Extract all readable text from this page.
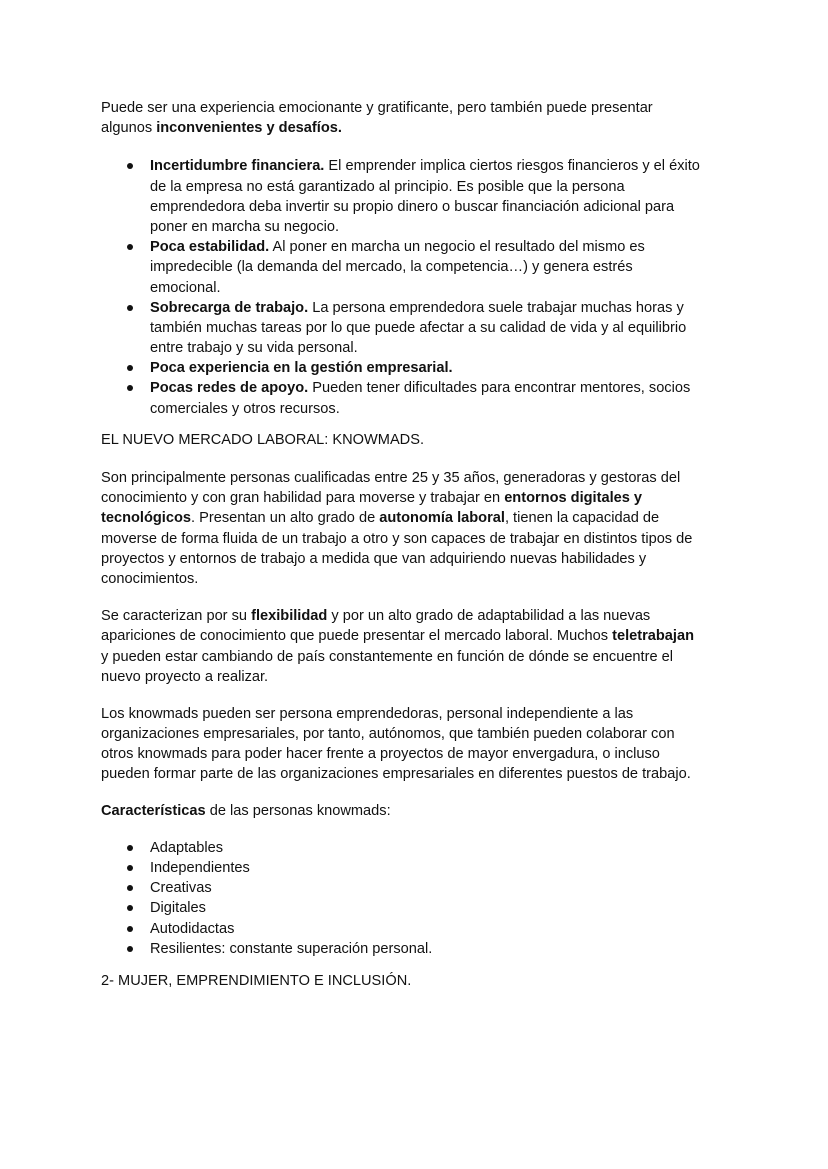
Puede ser una experiencia emocionante y gratificante, pero también puede presentar
algunos inconvenientes y desafíos.
Incertidumbre financiera. El emprender implica ciertos riesgos financieros y el éxito
de la empresa no está garantizado al principio. Es posible que la persona
emprendedora deba invertir su propio dinero o buscar financiación adicional para
poner en marcha su negocio.
Poca estabilidad. Al poner en marcha un negocio el resultado del mismo es
impredecible (la demanda del mercado, la competencia…) y genera estrés
emocional.
Sobrecarga de trabajo. La persona emprendedora suele trabajar muchas horas y
también muchas tareas por lo que puede afectar a su calidad de vida y al equilibrio
entre trabajo y su vida personal.
Poca experiencia en la gestión empresarial.
Pocas redes de apoyo. Pueden tener dificultades para encontrar mentores, socios
comerciales y otros recursos.
EL NUEVO MERCADO LABORAL: KNOWMADS.
Son principalmente personas cualificadas entre 25 y 35 años, generadoras y gestoras del
conocimiento y con gran habilidad para moverse y trabajar en entornos digitales y
tecnológicos. Presentan un alto grado de autonomía laboral, tienen la capacidad de
moverse de forma fluida de un trabajo a otro y son capaces de trabajar en distintos tipos de
proyectos y entornos de trabajo a medida que van adquiriendo nuevas habilidades y
conocimientos.
Se caracterizan por su flexibilidad y por un alto grado de adaptabilidad a las nuevas
apariciones de conocimiento que puede presentar el mercado laboral. Muchos teletrabajan
y pueden estar cambiando de país constantemente en función de dónde se encuentre el
nuevo proyecto a realizar.
Los knowmads pueden ser persona emprendedoras, personal independiente a las
organizaciones empresariales, por tanto, autónomos, que también pueden colaborar con
otros knowmads para poder hacer frente a proyectos de mayor envergadura, o incluso
pueden formar parte de las organizaciones empresariales en diferentes puestos de trabajo.
Características de las personas knowmads:
Adaptables
Independientes
Creativas
Digitales
Autodidactas
Resilientes: constante superación personal.
2- MUJER, EMPRENDIMIENTO E INCLUSIÓN.
